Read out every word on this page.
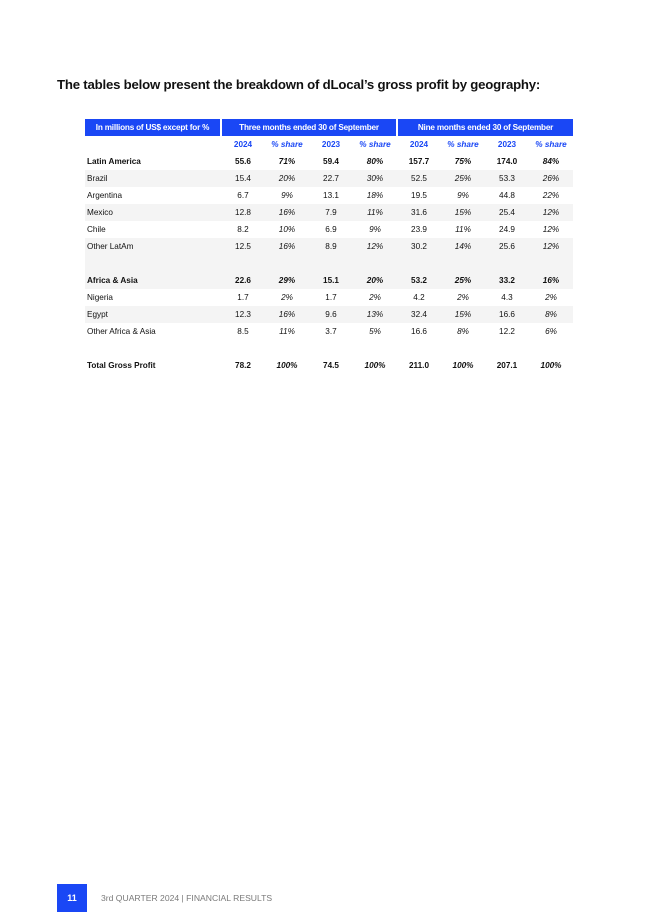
The tables below present the breakdown of dLocal’s gross profit by geography:
In millions of US$ except for %	Three months ended 30 of September				Nine months ended 30 of September			
	2024	% share	2023	% share	2024	% share	2023	% share
Latin America	55.6	71%	59.4	80%	157.7	75%	174.0	84%
Brazil	15.4	20%	22.7	30%	52.5	25%	53.3	26%
Argentina	6.7	9%	13.1	18%	19.5	9%	44.8	22%
Mexico	12.8	16%	7.9	11%	31.6	15%	25.4	12%
Chile	8.2	10%	6.9	9%	23.9	11%	24.9	12%
Other LatAm	12.5	16%	8.9	12%	30.2	14%	25.6	12%

Africa & Asia	22.6	29%	15.1	20%	53.2	25%	33.2	16%
Nigeria	1.7	2%	1.7	2%	4.2	2%	4.3	2%
Egypt	12.3	16%	9.6	13%	32.4	15%	16.6	8%
Other Africa & Asia	8.5	11%	3.7	5%	16.6	8%	12.2	6%

Total Gross Profit	78.2	100%	74.5	100%	211.0	100%	207.1	100%
11	3rd QUARTER 2024 | FINANCIAL RESULTS
